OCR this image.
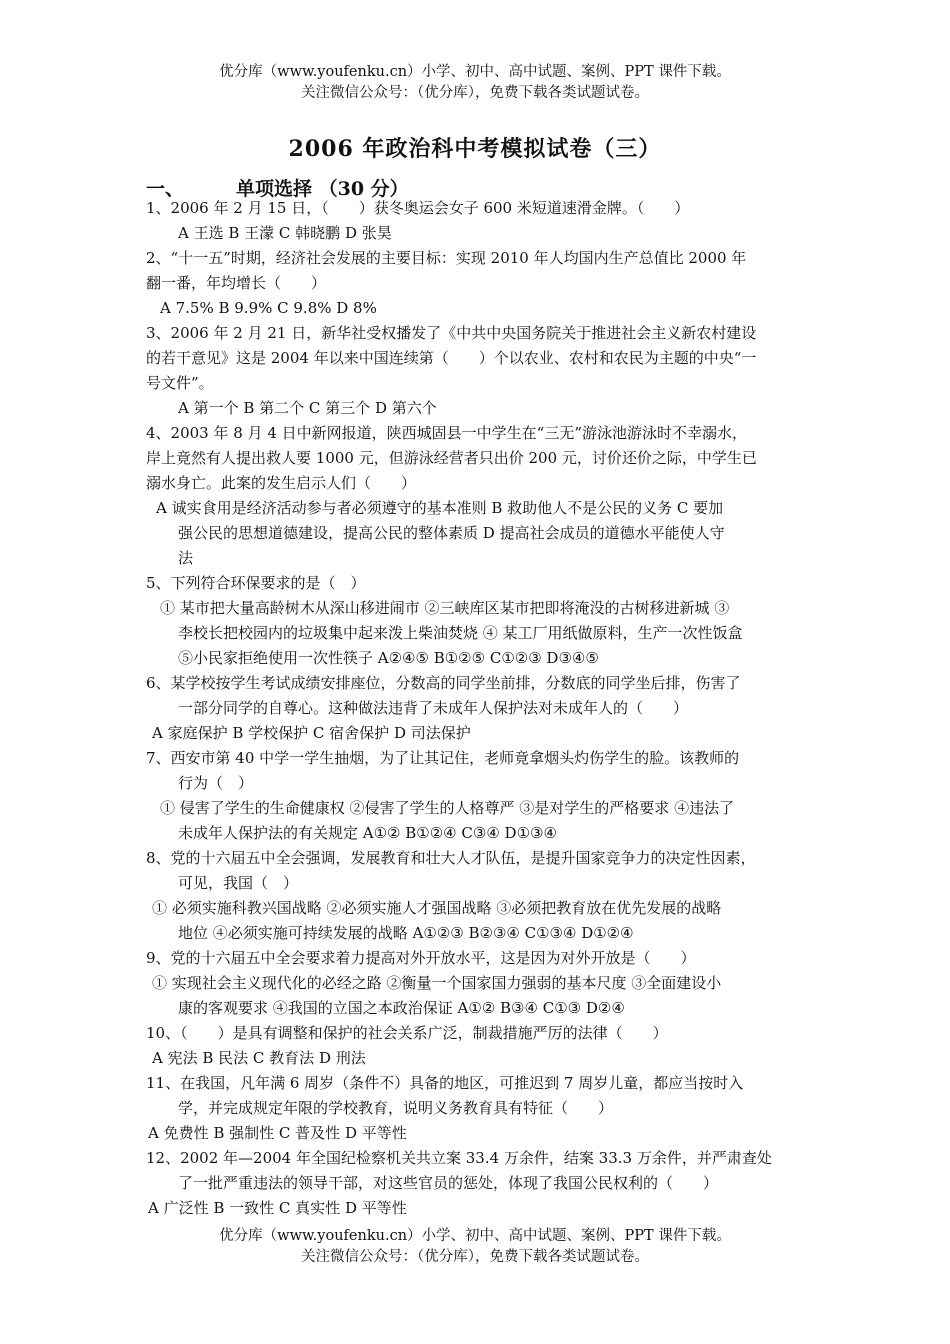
优分库（www.youfenku.cn）小学、初中、高中试题、案例、PPT 课件下载。
关注微信公众号：（优分库），免费下载各类试题试卷。
2006 年政治科中考模拟试卷（三）
一、	单项选择 （30 分）
1、2006 年 2 月 15 日，（　　）获冬奥运会女子 600 米短道速滑金牌。（　　）
A 王选 B 王濛 C 韩晓鹏 D 张昊
2、“十一五”时期，经济社会发展的主要目标：实现 2010 年人均国内生产总值比 2000 年
翻一番，年均增长（　　）
A 7.5% B 9.9% C 9.8% D 8%
3、2006 年 2 月 21 日，新华社受权播发了《中共中央国务院关于推进社会主义新农村建设
的若干意见》这是 2004 年以来中国连续第（　　）个以农业、农村和农民为主题的中央“一
号文件”。
A 第一个 B 第二个 C 第三个 D 第六个
4、2003 年 8 月 4 日中新网报道，陕西城固县一中学生在“三无”游泳池游泳时不幸溺水，
岸上竟然有人提出救人要 1000 元，但游泳经营者只出价 200 元，讨价还价之际，中学生已
溺水身亡。此案的发生启示人们（　　）
A 诚实食用是经济活动参与者必须遵守的基本准则 B 救助他人不是公民的义务 C 要加
强公民的思想道德建设，提高公民的整体素质 D 提高社会成员的道德水平能使人守
法
5、下列符合环保要求的是（　）
① 某市把大量高龄树木从深山移进闹市 ②三峡库区某市把即将淹没的古树移进新城 ③
李校长把校园内的垃圾集中起来泼上柴油焚烧 ④ 某工厂用纸做原料，生产一次性饭盒
⑤小民家拒绝使用一次性筷子 A②④⑤ B①②⑤ C①②③ D③④⑤
6、某学校按学生考试成绩安排座位，分数高的同学坐前排，分数底的同学坐后排，伤害了
一部分同学的自尊心。这种做法违背了未成年人保护法对未成年人的（　　）
A 家庭保护 B 学校保护 C 宿舍保护 D 司法保护
7、西安市第 40 中学一学生抽烟，为了让其记住，老师竟拿烟头灼伤学生的脸。该教师的
行为（　）
① 侵害了学生的生命健康权 ②侵害了学生的人格尊严 ③是对学生的严格要求 ④违法了
未成年人保护法的有关规定 A①② B①②④ C③④ D①③④
8、党的十六届五中全会强调，发展教育和壮大人才队伍，是提升国家竞争力的决定性因素，
可见，我国（　）
① 必须实施科教兴国战略 ②必须实施人才强国战略 ③必须把教育放在优先发展的战略
地位 ④必须实施可持续发展的战略 A①②③ B②③④ C①③④ D①②④
9、党的十六届五中全会要求着力提高对外开放水平，这是因为对外开放是（　　）
① 实现社会主义现代化的必经之路 ②衡量一个国家国力强弱的基本尺度 ③全面建设小
康的客观要求 ④我国的立国之本政治保证 A①② B③④ C①③ D②④
10、（　　）是具有调整和保护的社会关系广泛，制裁措施严厉的法律（　　）
A 宪法 B 民法 C 教育法 D 刑法
11、在我国，凡年满 6 周岁（条件不）具备的地区，可推迟到 7 周岁儿童，都应当按时入
学，并完成规定年限的学校教育，说明义务教育具有特征（　　）
A 免费性 B 强制性 C 普及性 D 平等性
12、2002 年—2004 年全国纪检察机关共立案 33.4 万余件，结案 33.3 万余件，并严肃查处
了一批严重违法的领导干部，对这些官员的惩处，体现了我国公民权利的（　　）
A 广泛性 B 一致性 C 真实性 D 平等性
优分库（www.youfenku.cn）小学、初中、高中试题、案例、PPT 课件下载。
关注微信公众号：（优分库），免费下载各类试题试卷。
